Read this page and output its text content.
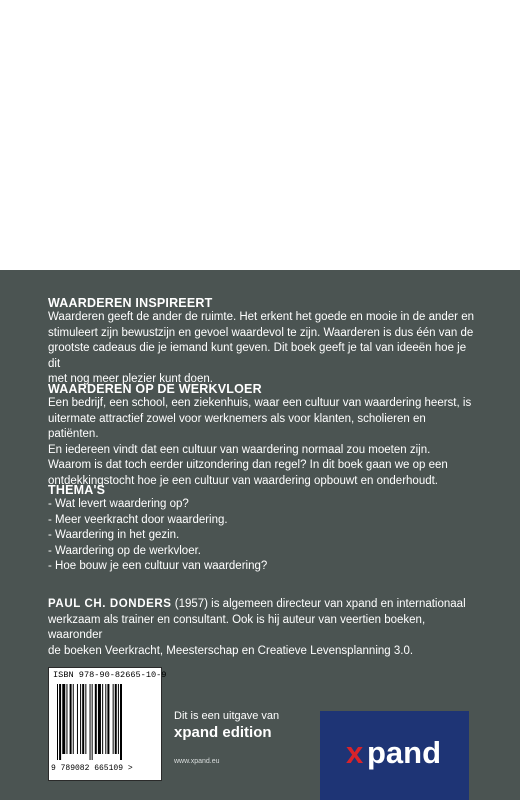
WAARDEREN INSPIREERT

Waarderen geeft de ander de ruimte. Het erkent het goede en mooie in de ander en

stimuleert zijn bewustzijn en gevoel waardevol te zijn. Waarderen is dus één van de

grootste cadeaus die je iemand kunt geven. Dit boek geeft je tal van ideeën hoe je dit

met nog meer plezier kunt doen.

WAARDEREN OP DE WERKVLOER

Een bedrijf, een school, een ziekenhuis, waar een cultuur van waardering heerst, is

uitermate attractief zowel voor werknemers als voor klanten, scholieren en patiënten.

En iedereen vindt dat een cultuur van waardering normaal zou moeten zijn.

Waarom is dat toch eerder uitzondering dan regel? In dit boek gaan we op een

ontdekkingstocht hoe je een cultuur van waardering opbouwt en onderhoudt.

THEMA'S
- Wat levert waardering op?
- Meer veerkracht door waardering.
- Waardering in het gezin.
- Waardering op de werkvloer.
- Hoe bouw je een cultuur van waardering?

PAUL CH. DONDERS (1957) is algemeen directeur van xpand en internationaal

werkzaam als trainer en consultant. Ook is hij auteur van veertien boeken, waaronder

de boeken Veerkracht, Meesterschap en Creatieve Levensplanning 3.0.

ISBN 978-90-82665-10-9
9 789082 665109 >
Dit is een uitgave van
xpand edition
www.xpand.eu	x pand
